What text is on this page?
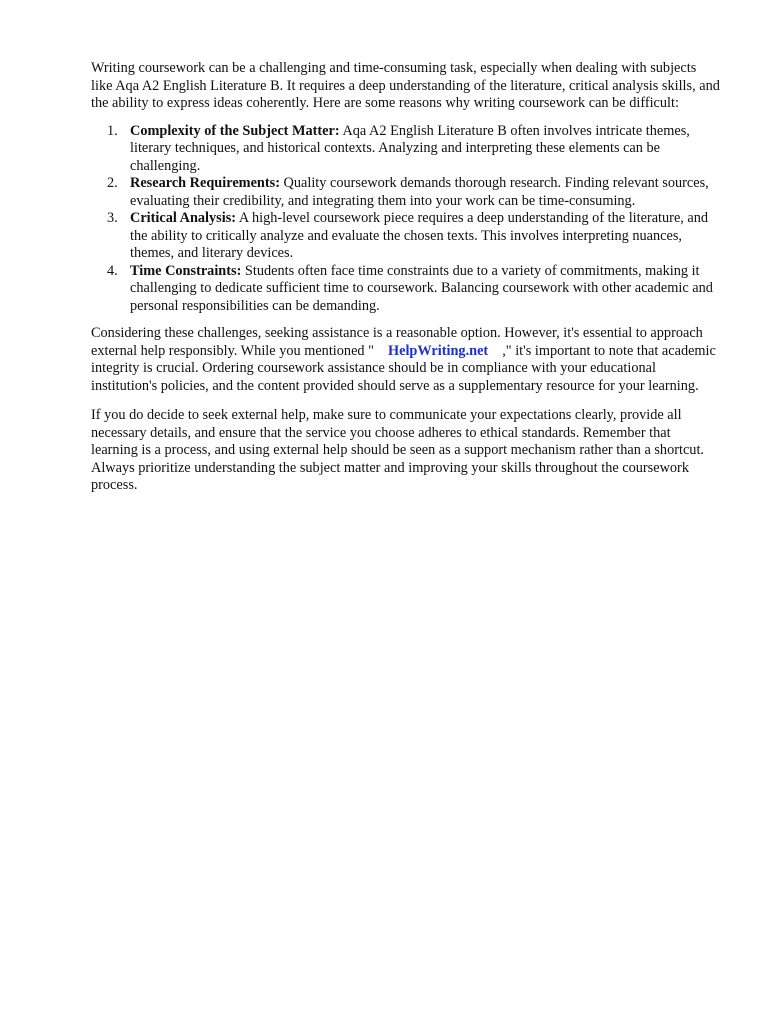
Writing coursework can be a challenging and time-consuming task, especially when dealing with subjects like Aqa A2 English Literature B. It requires a deep understanding of the literature, critical analysis skills, and the ability to express ideas coherently. Here are some reasons why writing coursework can be difficult:

1. Complexity of the Subject Matter: Aqa A2 English Literature B often involves intricate themes, literary techniques, and historical contexts. Analyzing and interpreting these elements can be challenging.
2. Research Requirements: Quality coursework demands thorough research. Finding relevant sources, evaluating their credibility, and integrating them into your work can be time-consuming.
3. Critical Analysis: A high-level coursework piece requires a deep understanding of the literature, and the ability to critically analyze and evaluate the chosen texts. This involves interpreting nuances, themes, and literary devices.
4. Time Constraints: Students often face time constraints due to a variety of commitments, making it challenging to dedicate sufficient time to coursework. Balancing coursework with other academic and personal responsibilities can be demanding.

Considering these challenges, seeking assistance is a reasonable option. However, it's essential to approach external help responsibly. While you mentioned " HelpWriting.net ," it's important to note that academic integrity is crucial. Ordering coursework assistance should be in compliance with your educational institution's policies, and the content provided should serve as a supplementary resource for your learning.

If you do decide to seek external help, make sure to communicate your expectations clearly, provide all necessary details, and ensure that the service you choose adheres to ethical standards. Remember that learning is a process, and using external help should be seen as a support mechanism rather than a shortcut. Always prioritize understanding the subject matter and improving your skills throughout the coursework process.
